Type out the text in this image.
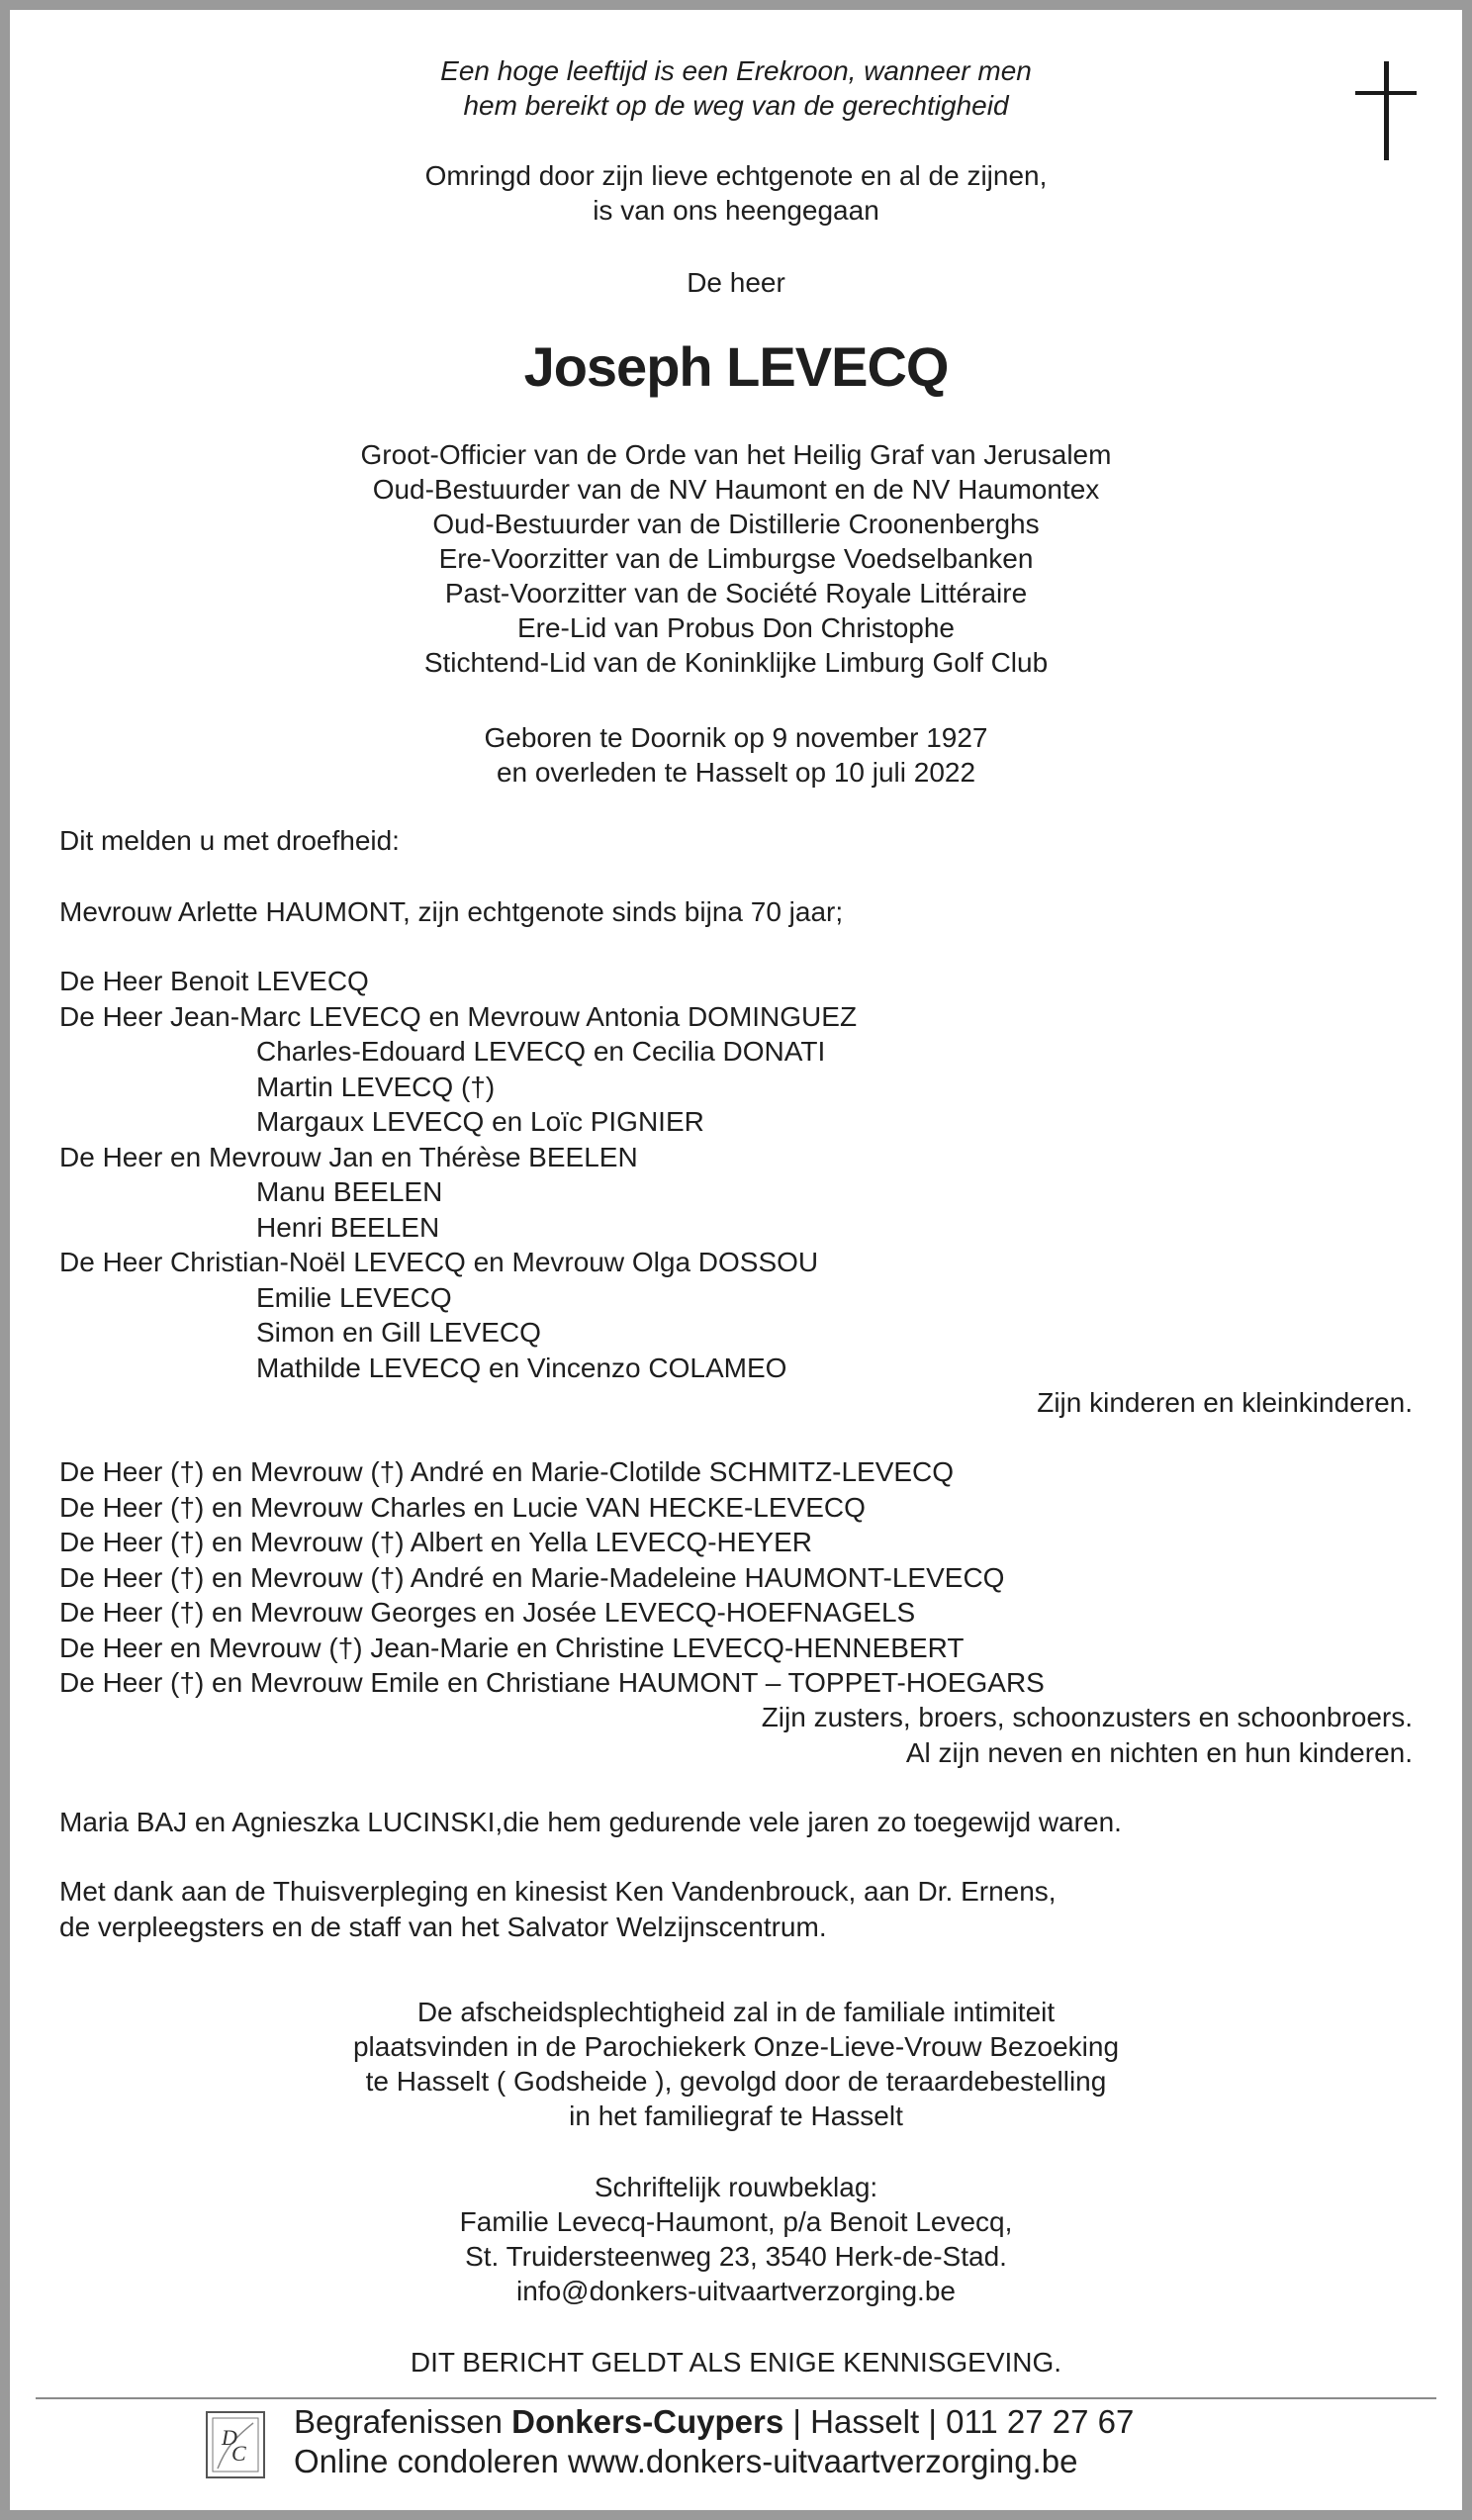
Een hoge leeftijd is een Erekroon, wanneer men
hem bereikt op de weg van de gerechtigheid
Omringd door zijn lieve echtgenote en al de zijnen,
is van ons heengegaan
De heer
Joseph LEVECQ
Groot-Officier van de Orde van het Heilig Graf van Jerusalem
Oud-Bestuurder van de NV Haumont en de NV Haumontex
Oud-Bestuurder van de Distillerie Croonenberghs
Ere-Voorzitter van de Limburgse Voedselbanken
Past-Voorzitter van de Société Royale Littéraire
Ere-Lid van Probus Don Christophe
Stichtend-Lid van de Koninklijke Limburg Golf Club
Geboren te Doornik op 9 november 1927
en overleden te Hasselt op 10 juli 2022
Dit melden u met droefheid:
Mevrouw Arlette HAUMONT, zijn echtgenote sinds bijna 70 jaar;
De Heer Benoit LEVECQ
De Heer Jean-Marc LEVECQ en Mevrouw Antonia DOMINGUEZ
Charles-Edouard LEVECQ en Cecilia DONATI
Martin LEVECQ (†)
Margaux LEVECQ en Loïc PIGNIER
De Heer en Mevrouw Jan en Thérèse BEELEN
Manu BEELEN
Henri BEELEN
De Heer Christian-Noël LEVECQ en Mevrouw Olga DOSSOU
Emilie LEVECQ
Simon en Gill LEVECQ
Mathilde LEVECQ en Vincenzo COLAMEO
Zijn kinderen en kleinkinderen.
De Heer (†) en Mevrouw (†) André en Marie-Clotilde SCHMITZ-LEVECQ
De Heer (†) en Mevrouw Charles en Lucie VAN HECKE-LEVECQ
De Heer (†) en Mevrouw (†) Albert en Yella LEVECQ-HEYER
De Heer (†) en Mevrouw (†) André en Marie-Madeleine HAUMONT-LEVECQ
De Heer (†) en Mevrouw Georges en Josée LEVECQ-HOEFNAGELS
De Heer en Mevrouw (†) Jean-Marie en Christine LEVECQ-HENNEBERT
De Heer (†) en Mevrouw Emile en Christiane HAUMONT – TOPPET-HOEGARS
Zijn zusters, broers, schoonzusters en schoonbroers.
Al zijn neven en nichten en hun kinderen.
Maria BAJ en Agnieszka LUCINSKI,die hem gedurende vele jaren zo toegewijd waren.
Met dank aan de Thuisverpleging en kinesist Ken Vandenbrouck, aan Dr. Ernens,
de verpleegsters en de staff van het Salvator Welzijnscentrum.
De afscheidsplechtigheid zal in de familiale intimiteit
plaatsvinden in de Parochiekerk Onze-Lieve-Vrouw Bezoeking
te Hasselt ( Godsheide ), gevolgd door de teraardebestelling
in het familiegraf te Hasselt
Schriftelijk rouwbeklag:
Familie Levecq-Haumont, p/a Benoit Levecq,
St. Truidersteenweg 23, 3540 Herk-de-Stad.
info@donkers-uitvaartverzorging.be
DIT BERICHT GELDT ALS ENIGE KENNISGEVING.
D
C
Begrafenissen Donkers-Cuypers | Hasselt | 011 27 27 67
Online condoleren www.donkers-uitvaartverzorging.be
